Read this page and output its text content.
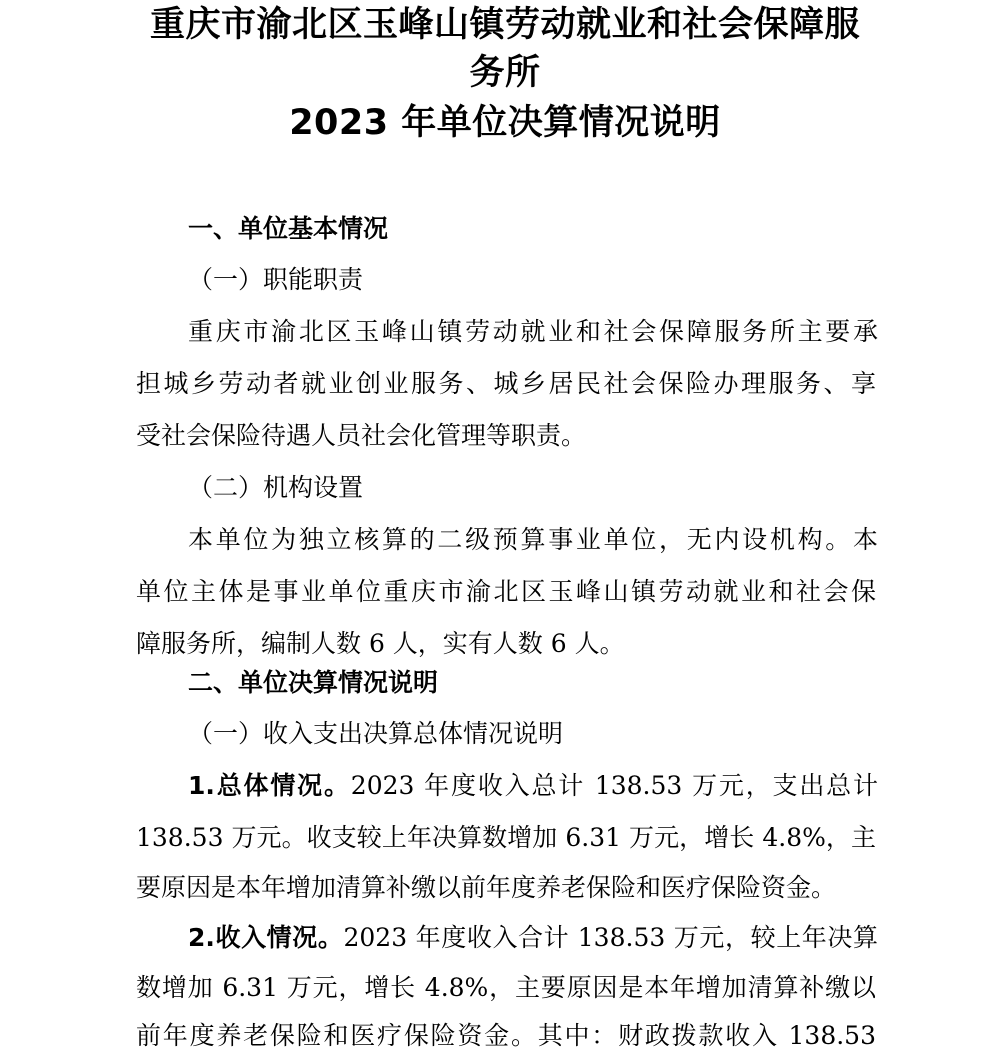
重庆市渝北区玉峰山镇劳动就业和社会保障服
务所
2023 年单位决算情况说明
一、单位基本情况
（一）职能职责
重庆市渝北区玉峰山镇劳动就业和社会保障服务所主要承
担城乡劳动者就业创业服务、城乡居民社会保险办理服务、享
受社会保险待遇人员社会化管理等职责。
（二）机构设置
本单位为独立核算的二级预算事业单位，无内设机构。本
单位主体是事业单位重庆市渝北区玉峰山镇劳动就业和社会保
障服务所，编制人数 6 人，实有人数 6 人。
二、单位决算情况说明
（一）收入支出决算总体情况说明
1.总体情况。2023 年度收入总计 138.53 万元，支出总计
138.53 万元。收支较上年决算数增加 6.31 万元，增长 4.8%，主
要原因是本年增加清算补缴以前年度养老保险和医疗保险资金。
2.收入情况。2023 年度收入合计 138.53 万元，较上年决算
数增加 6.31 万元，增长 4.8%，主要原因是本年增加清算补缴以
前年度养老保险和医疗保险资金。其中：财政拨款收入 138.53
